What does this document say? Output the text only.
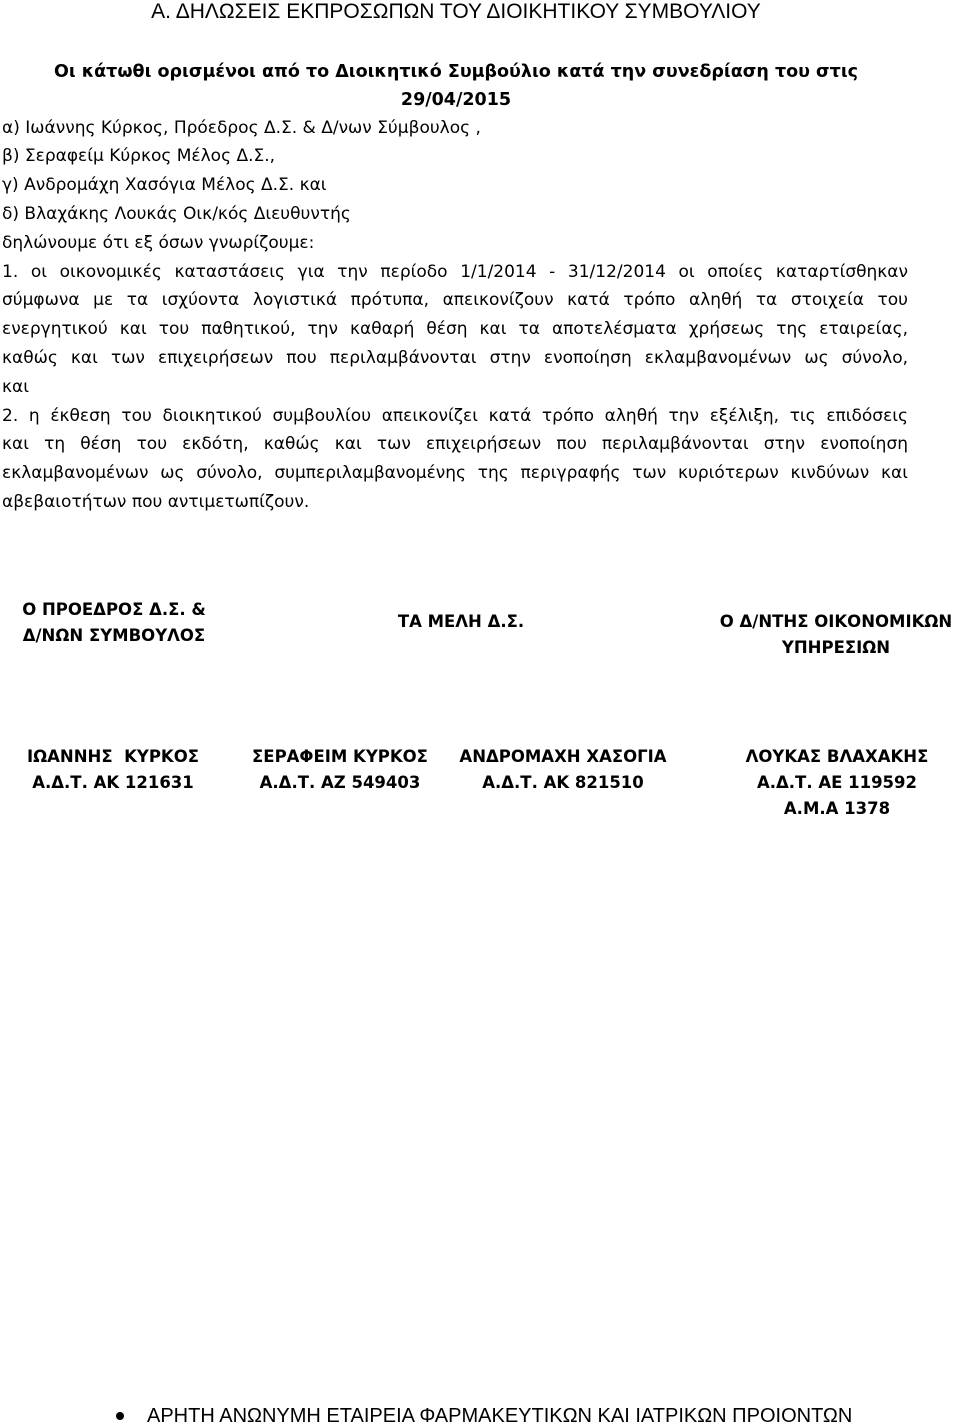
Α. ΔΗΛΩΣΕΙΣ ΕΚΠΡΟΣΩΠΩΝ ΤΟΥ ΔΙΟΙΚΗΤΙΚΟΥ ΣΥΜΒΟΥΛΙΟΥ
Οι κάτωθι ορισμένοι από το Διοικητικό Συμβούλιο κατά την συνεδρίαση του στις
29/04/2015
α) Ιωάννης Κύρκος, Πρόεδρος Δ.Σ. & Δ/νων Σύμβουλος ,
β) Σεραφείμ Κύρκος Μέλος Δ.Σ.,
γ) Ανδρομάχη Χασόγια Μέλος Δ.Σ. και
δ) Βλαχάκης Λουκάς Οικ/κός Διευθυντής
δηλώνουμε ότι εξ όσων γνωρίζουμε:
1. οι οικονομικές καταστάσεις για την περίοδο 1/1/2014 - 31/12/2014 οι οποίες καταρτίσθηκαν
σύμφωνα με τα ισχύοντα λογιστικά πρότυπα, απεικονίζουν κατά τρόπο αληθή τα στοιχεία του
ενεργητικού και του παθητικού, την καθαρή θέση και τα αποτελέσματα χρήσεως της εταιρείας,
καθώς και των επιχειρήσεων που περιλαμβάνονται στην ενοποίηση εκλαμβανομένων ως σύνολο,
και
2. η έκθεση του διοικητικού συμβουλίου απεικονίζει κατά τρόπο αληθή την εξέλιξη, τις επιδόσεις
και τη θέση του εκδότη, καθώς και των επιχειρήσεων που περιλαμβάνονται στην ενοποίηση
εκλαμβανομένων ως σύνολο, συμπεριλαμβανομένης της περιγραφής των κυριότερων κινδύνων και
αβεβαιοτήτων που αντιμετωπίζουν.
Ο ΠΡΟΕΔΡΟΣ Δ.Σ. &
Δ/ΝΩΝ ΣΥΜΒΟΥΛΟΣ
ΤΑ ΜΕΛΗ Δ.Σ.	Ο Δ/ΝΤΗΣ ΟΙΚΟΝΟΜΙΚΩΝ
ΥΠΗΡΕΣΙΩΝ
ΙΩΑΝΝΗΣ  ΚΥΡΚΟΣ
Α.Δ.Τ. ΑΚ 121631
ΣΕΡΑΦΕΙΜ ΚΥΡΚΟΣ
Α.Δ.Τ. ΑΖ 549403
ΑΝΔΡΟΜΑΧΗ ΧΑΣΟΓΙΑ
Α.Δ.Τ. ΑΚ 821510
ΛΟΥΚΑΣ ΒΛΑΧΑΚΗΣ
Α.Δ.Τ. ΑΕ 119592
Α.Μ.Α 1378
ΑΡΗΤΗ ΑΝΩΝΥΜΗ ΕΤΑΙΡΕΙΑ ΦΑΡΜΑΚΕΥΤΙΚΩΝ ΚΑΙ ΙΑΤΡΙΚΩΝ ΠΡΟΙΟΝΤΩΝ
